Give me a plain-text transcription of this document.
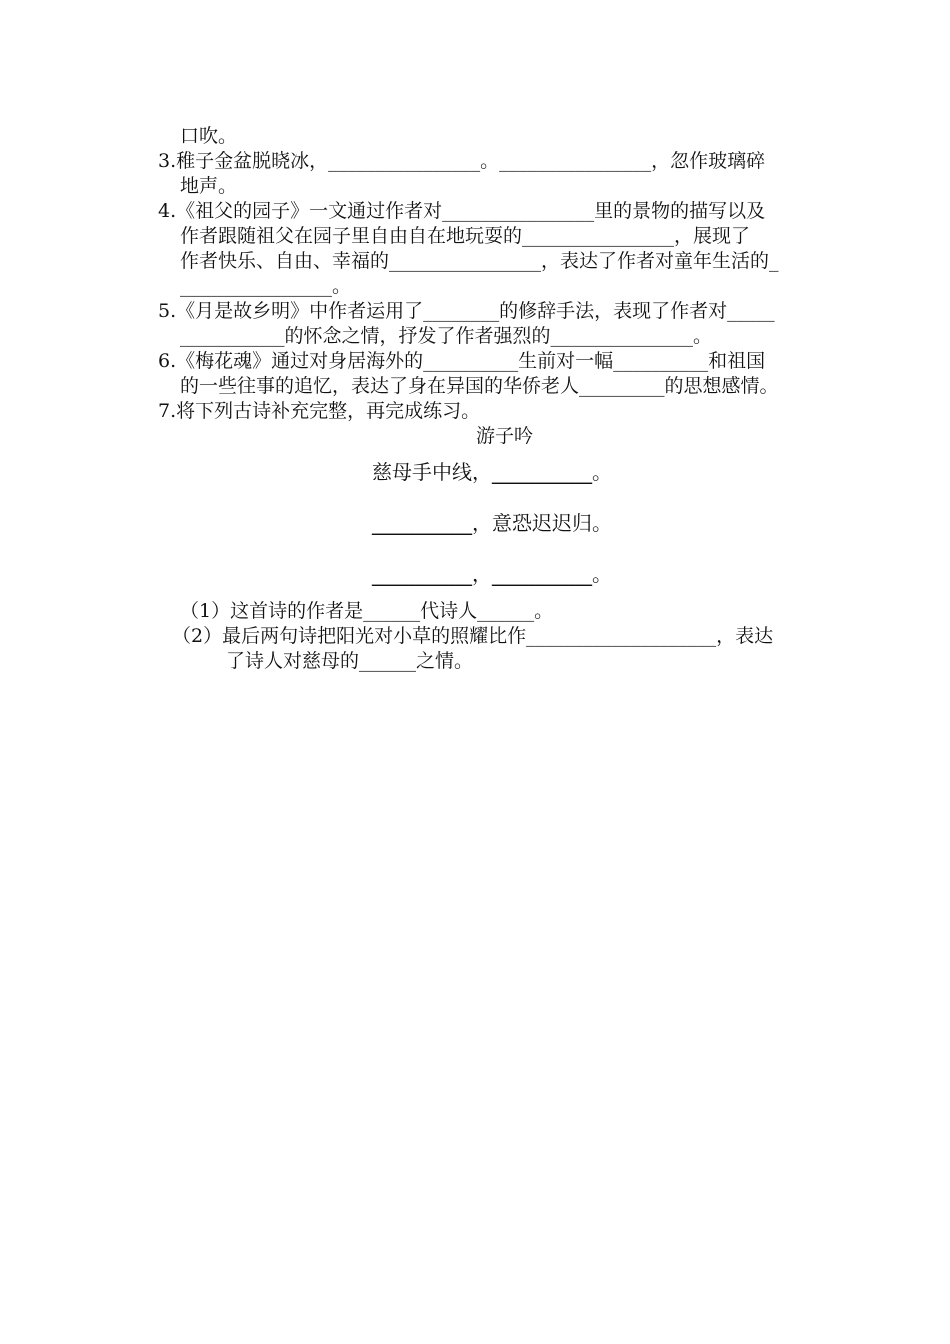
口吹。
3.稚子金盆脱晓冰，________________。________________，忽作玻璃碎
地声。
4.《祖父的园子》一文通过作者对________________里的景物的描写以及
作者跟随祖父在园子里自由自在地玩耍的________________，展现了
作者快乐、自由、幸福的________________，表达了作者对童年生活的_
________________。
5.《月是故乡明》中作者运用了________的修辞手法，表现了作者对_____
___________的怀念之情，抒发了作者强烈的_______________。
6.《梅花魂》通过对身居海外的__________生前对一幅__________和祖国
的一些往事的追忆，表达了身在异国的华侨老人_________的思想感情。
7.将下列古诗补充完整，再完成练习。
游子吟
慈母手中线，__________。
__________，意恐迟迟归。
__________，__________。
（1）这首诗的作者是______代诗人______。
（2）最后两句诗把阳光对小草的照耀比作____________________，表达
了诗人对慈母的______之情。
